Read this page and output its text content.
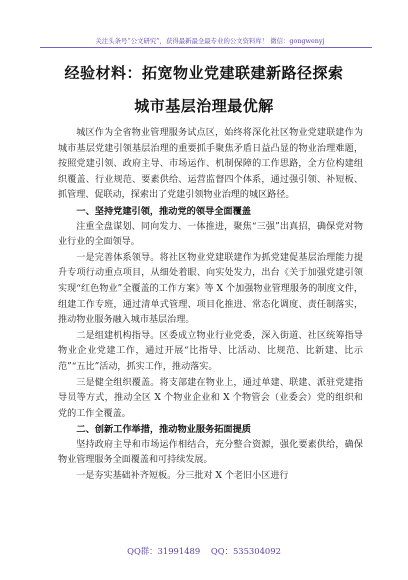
关注头条号“公文研究”，获得最新最全最专业的公文资料库！ 微信：gongwenyj
经验材料：拓宽物业党建联建新路径探索
城市基层治理最优解

城区作为全省物业管理服务试点区，始终将深化社区物业党建联建作为城市基层党建引领基层治理的重要抓手聚焦矛盾日益凸显的物业治理难题，按照党建引领、政府主导、市场运作、机制保障的工作思路，全方位构建组织覆盖、行业规范、要素供给、运营监督四个体系，通过强引领、补短板、抓管理、促联动，探索出了党建引领物业治理的城区路径。

一、坚持党建引领，推动党的领导全面覆盖

注重全盘谋划、同向发力、一体推进，聚焦“三强”出真招，确保党对物业行业的全面领导。

一是完善体系领导。将社区物业党建联建作为抓党建促基层治理能力提升专项行动重点项目，从细处着眼、向实处发力，出台《关于加强党建引领实现“红色物业”全覆盖的工作方案》等 X 个加强物业管理服务的制度文件，组建工作专班，通过清单式管理、项目化推进、常态化调度、责任制落实，推动物业服务融入城市基层治理。

二是组建机构指导。区委成立物业行业党委，深入街道、社区统筹指导物业企业党建工作，通过开展“比指导、比活动、比规范、比新建、比示范”“五比”活动，抓实工作，推动落实。

三是健全组织覆盖。将支部建在物业上，通过单建、联建、派驻党建指导员等方式，推动全区 X 个物业企业和 X 个物管会（业委会）党的组织和党的工作全覆盖。

二、创新工作举措，推动物业服务拓面提质

坚持政府主导和市场运作相结合，充分整合资源，强化要素供给，确保物业管理服务全面覆盖和可持续发展。

一是夯实基础补齐短板。分三批对 X 个老旧小区进行

QQ群：31991489 QQ：535304092
